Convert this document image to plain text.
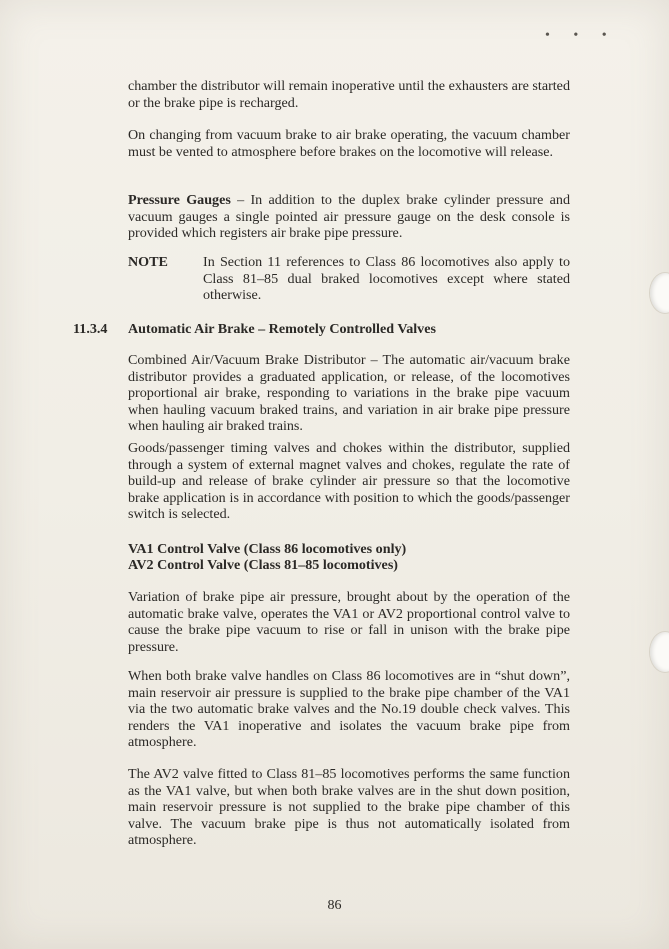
• • •

chamber the distributor will remain inoperative until the exhausters are started or the brake pipe is recharged.

On changing from vacuum brake to air brake operating, the vacuum chamber must be vented to atmosphere before brakes on the locomotive will release.

Pressure Gauges – In addition to the duplex brake cylinder pressure and vacuum gauges a single pointed air pressure gauge on the desk console is provided which registers air brake pipe pressure.

NOTE In Section 11 references to Class 86 locomotives also apply to Class 81–85 dual braked locomotives except where stated otherwise.
11.3.4 Automatic Air Brake – Remotely Controlled Valves

Combined Air/Vacuum Brake Distributor – The automatic air/vacuum brake distributor provides a graduated application, or release, of the locomotives proportional air brake, responding to variations in the brake pipe vacuum when hauling vacuum braked trains, and variation in air brake pipe pressure when hauling air braked trains.

Goods/passenger timing valves and chokes within the distributor, supplied through a system of external magnet valves and chokes, regulate the rate of build-up and release of brake cylinder air pressure so that the locomotive brake application is in accordance with position to which the goods/passenger switch is selected.

VA1 Control Valve (Class 86 locomotives only)
AV2 Control Valve (Class 81–85 locomotives)

Variation of brake pipe air pressure, brought about by the operation of the automatic brake valve, operates the VA1 or AV2 proportional control valve to cause the brake pipe vacuum to rise or fall in unison with the brake pipe pressure.

When both brake valve handles on Class 86 locomotives are in “shut down”, main reservoir air pressure is supplied to the brake pipe chamber of the VA1 via the two automatic brake valves and the No.19 double check valves. This renders the VA1 inoperative and isolates the vacuum brake pipe from atmosphere.

The AV2 valve fitted to Class 81–85 locomotives performs the same function as the VA1 valve, but when both brake valves are in the shut down position, main reservoir pressure is not supplied to the brake pipe chamber of this valve. The vacuum brake pipe is thus not automatically isolated from atmosphere.

86
